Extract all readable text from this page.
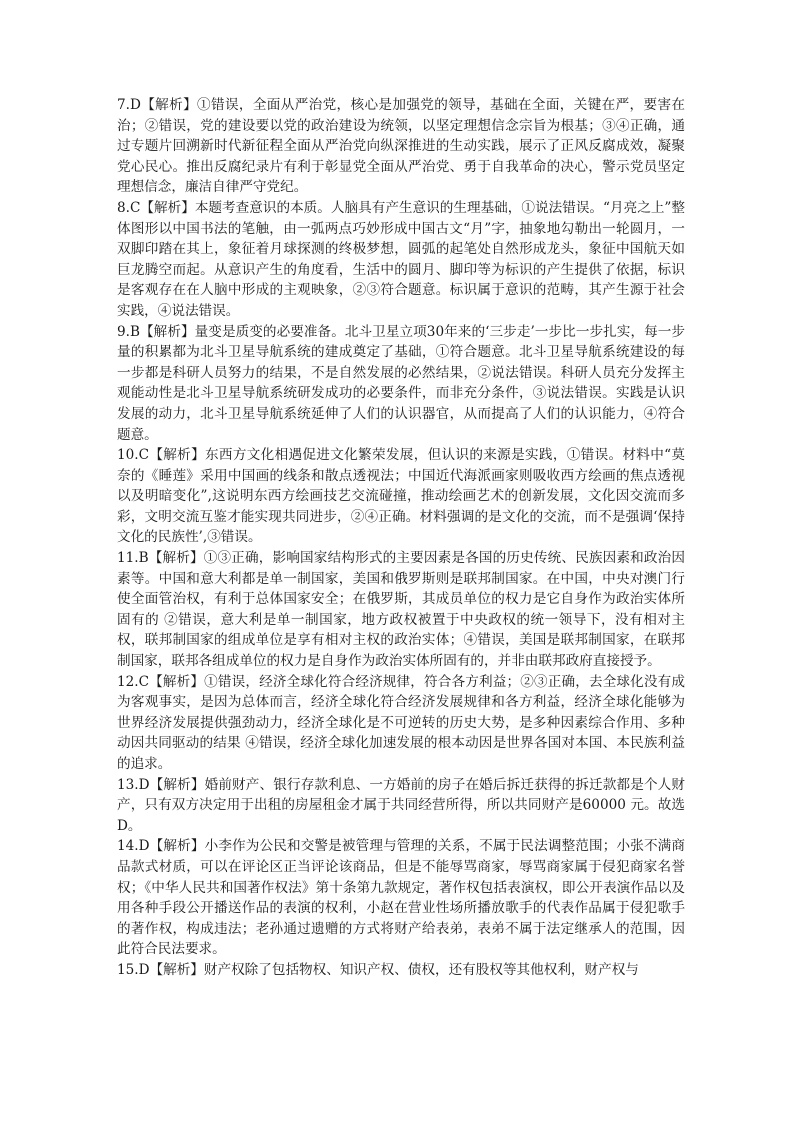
7.D【解析】①错误，全面从严治党，核心是加强党的领导，基础在全面，关键在严，要害在治；②错误，党的建设要以党的政治建设为统领，以坚定理想信念宗旨为根基；③④正确，通过专题片回溯新时代新征程全面从严治党向纵深推进的生动实践，展示了正风反腐成效，凝聚党心民心。推出反腐纪录片有利于彰显党全面从严治党、勇于自我革命的决心，警示党员坚定理想信念，廉洁自律严守党纪。

8.C【解析】本题考查意识的本质。人脑具有产生意识的生理基础，①说法错误。“月亮之上”整体图形以中国书法的笔触，由一弧两点巧妙形成中国古文“月”字，抽象地勾勒出一轮圆月，一双脚印踏在其上，象征着月球探测的终极梦想，圆弧的起笔处自然形成龙头，象征中国航天如巨龙腾空而起。从意识产生的角度看，生活中的圆月、脚印等为标识的产生提供了依据，标识是客观存在在人脑中形成的主观映象，②③符合题意。标识属于意识的范畴，其产生源于社会实践，④说法错误。

9.B【解析】量变是质变的必要准备。北斗卫星立项30年来的‘三步走’一步比一步扎实，每一步量的积累都为北斗卫星导航系统的建成奠定了基础，①符合题意。北斗卫星导航系统建设的每一步都是科研人员努力的结果，不是自然发展的必然结果，②说法错误。科研人员充分发挥主观能动性是北斗卫星导航系统研发成功的必要条件，而非充分条件，③说法错误。实践是认识发展的动力，北斗卫星导航系统延伸了人们的认识器官，从而提高了人们的认识能力，④符合题意。

10.C【解析】东西方文化相遇促进文化繁荣发展，但认识的来源是实践，①错误。材料中“莫奈的《睡莲》采用中国画的线条和散点透视法；中国近代海派画家则吸收西方绘画的焦点透视以及明暗变化”,这说明东西方绘画技艺交流碰撞，推动绘画艺术的创新发展，文化因交流而多彩，文明交流互鉴才能实现共同进步，②④正确。材料强调的是文化的交流，而不是强调‘保持文化的民族性’,③错误。

11.B【解析】①③正确，影响国家结构形式的主要因素是各国的历史传统、民族因素和政治因素等。中国和意大利都是单一制国家，美国和俄罗斯则是联邦制国家。在中国，中央对澳门行使全面管治权，有利于总体国家安全；在俄罗斯，其成员单位的权力是它自身作为政治实体所固有的 ②错误，意大利是单一制国家，地方政权被置于中央政权的统一领导下，没有相对主权，联邦制国家的组成单位是享有相对主权的政治实体；④错误，美国是联邦制国家，在联邦制国家，联邦各组成单位的权力是自身作为政治实体所固有的，并非由联邦政府直接授予。

12.C【解析】①错误，经济全球化符合经济规律，符合各方利益；②③正确，去全球化没有成为客观事实，是因为总体而言，经济全球化符合经济发展规律和各方利益，经济全球化能够为世界经济发展提供强劲动力，经济全球化是不可逆转的历史大势，是多种因素综合作用、多种动因共同驱动的结果 ④错误，经济全球化加速发展的根本动因是世界各国对本国、本民族利益的追求。

13.D【解析】婚前财产、银行存款利息、一方婚前的房子在婚后拆迁获得的拆迁款都是个人财产，只有双方决定用于出租的房屋租金才属于共同经营所得，所以共同财产是60000 元。故选 D。

14.D【解析】小李作为公民和交警是被管理与管理的关系，不属于民法调整范围；小张不满商品款式材质，可以在评论区正当评论该商品，但是不能辱骂商家，辱骂商家属于侵犯商家名誉权；《中华人民共和国著作权法》第十条第九款规定，著作权包括表演权，即公开表演作品以及用各种手段公开播送作品的表演的权利，小赵在营业性场所播放歌手的代表作品属于侵犯歌手的著作权，构成违法；老孙通过遗赠的方式将财产给表弟，表弟不属于法定继承人的范围，因此符合民法要求。

15.D【解析】财产权除了包括物权、知识产权、债权，还有股权等其他权利，财产权与
